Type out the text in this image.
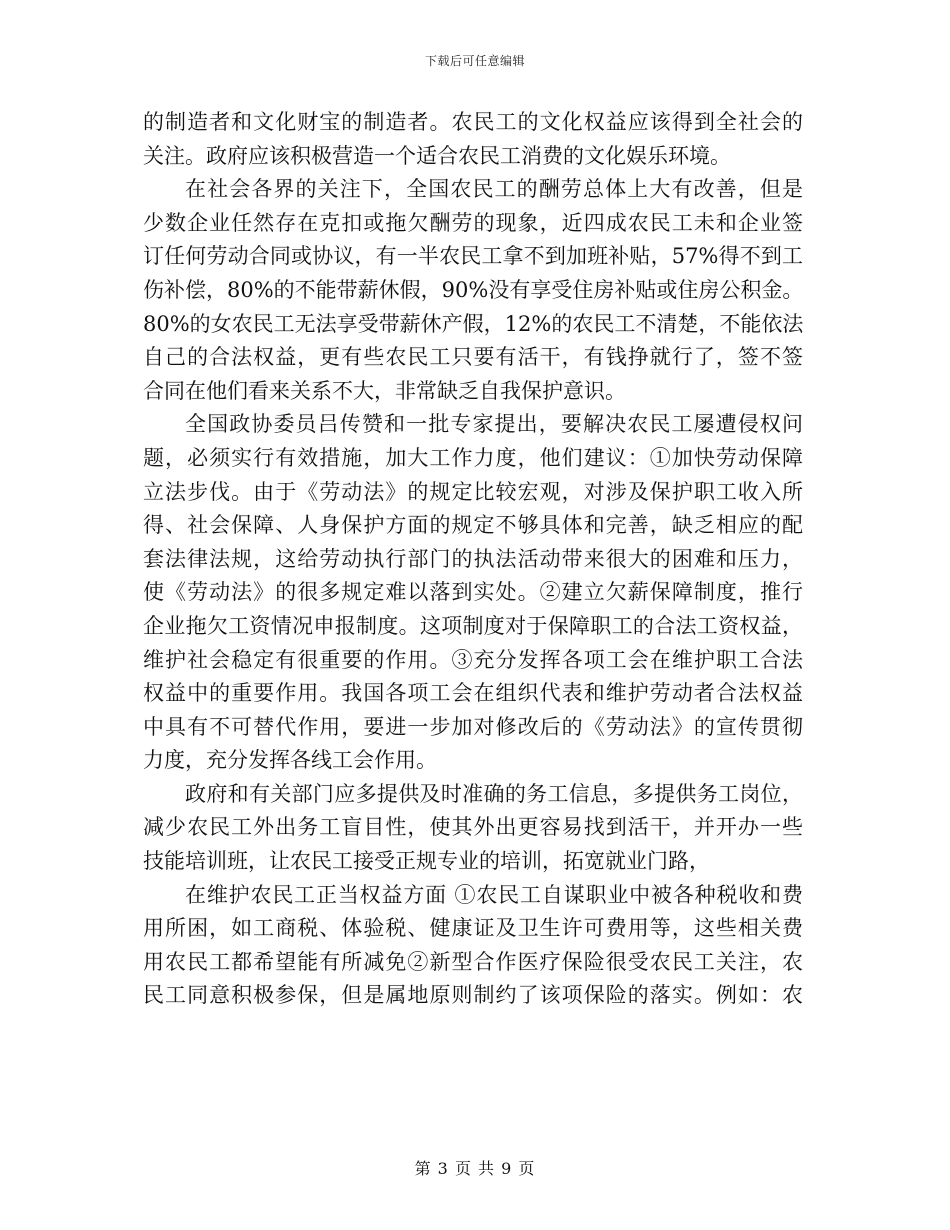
下载后可任意编辑
的制造者和文化财宝的制造者。农民工的文化权益应该得到全社会的
关注。政府应该积极营造一个适合农民工消费的文化娱乐环境。
在社会各界的关注下，全国农民工的酬劳总体上大有改善，但是
少数企业任然存在克扣或拖欠酬劳的现象，近四成农民工未和企业签
订任何劳动合同或协议，有一半农民工拿不到加班补贴，57%得不到工
伤补偿，80%的不能带薪休假，90%没有享受住房补贴或住房公积金。
80%的女农民工无法享受带薪休产假，12%的农民工不清楚，不能依法
自己的合法权益，更有些农民工只要有活干，有钱挣就行了，签不签
合同在他们看来关系不大，非常缺乏自我保护意识。
全国政协委员吕传赞和一批专家提出，要解决农民工屡遭侵权问
题，必须实行有效措施，加大工作力度，他们建议：①加快劳动保障
立法步伐。由于《劳动法》的规定比较宏观，对涉及保护职工收入所
得、社会保障、人身保护方面的规定不够具体和完善，缺乏相应的配
套法律法规，这给劳动执行部门的执法活动带来很大的困难和压力，
使《劳动法》的很多规定难以落到实处。②建立欠薪保障制度，推行
企业拖欠工资情况申报制度。这项制度对于保障职工的合法工资权益，
维护社会稳定有很重要的作用。③充分发挥各项工会在维护职工合法
权益中的重要作用。我国各项工会在组织代表和维护劳动者合法权益
中具有不可替代作用，要进一步加对修改后的《劳动法》的宣传贯彻
力度，充分发挥各线工会作用。
政府和有关部门应多提供及时准确的务工信息，多提供务工岗位，
减少农民工外出务工盲目性，使其外出更容易找到活干，并开办一些
技能培训班，让农民工接受正规专业的培训，拓宽就业门路，
在维护农民工正当权益方面 ①农民工自谋职业中被各种税收和费
用所困，如工商税、体验税、健康证及卫生许可费用等，这些相关费
用农民工都希望能有所减免②新型合作医疗保险很受农民工关注，农
民工同意积极参保，但是属地原则制约了该项保险的落实。例如：农
第 3 页 共 9 页
